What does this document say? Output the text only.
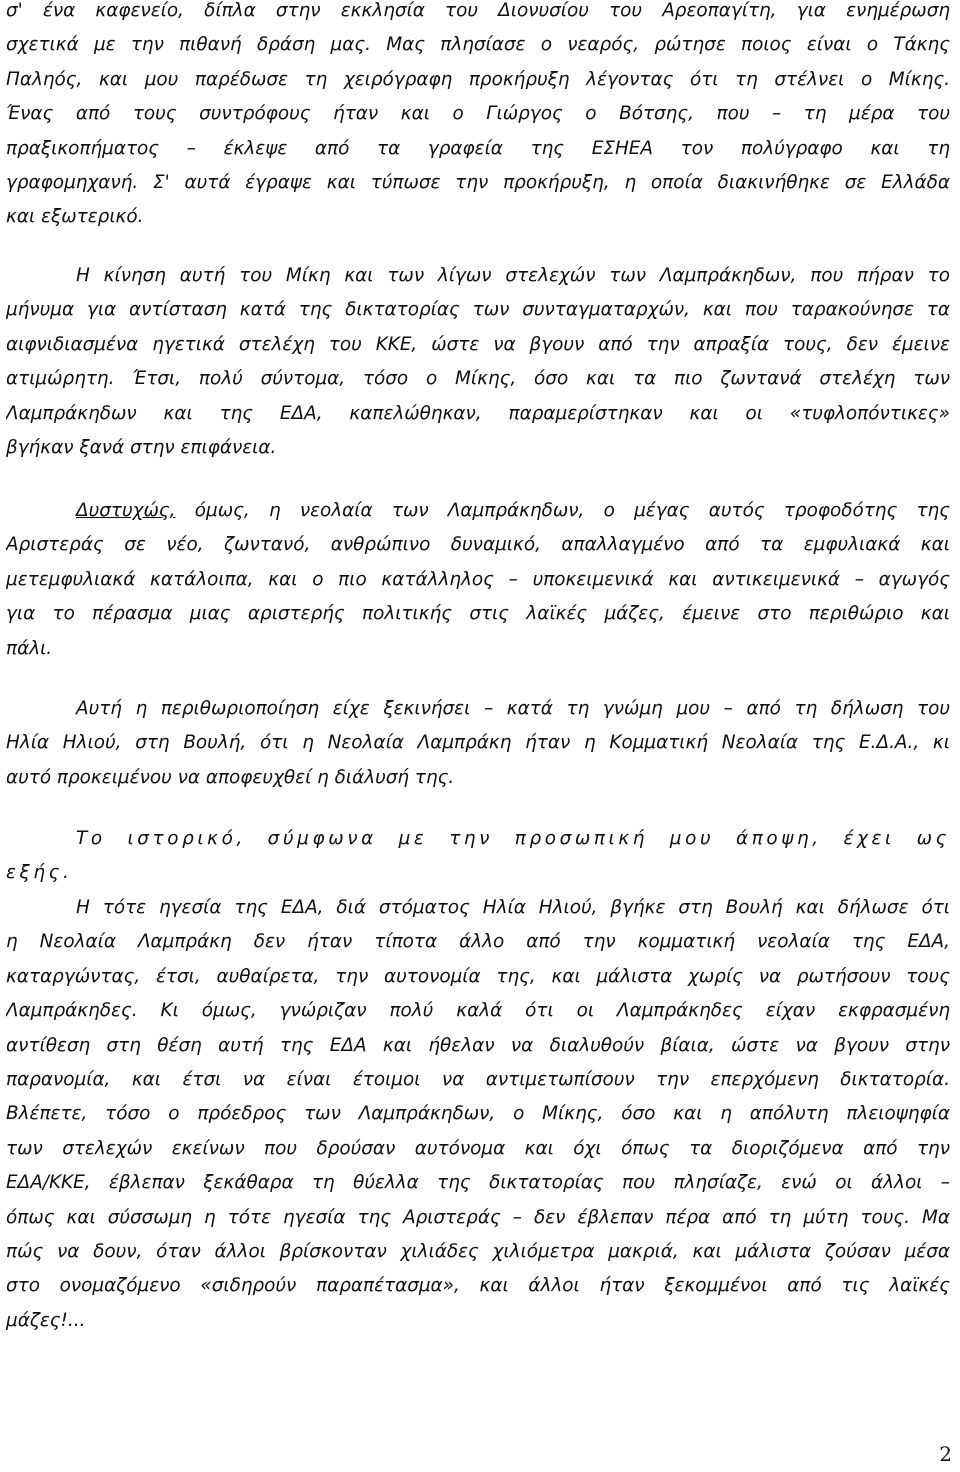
σ' ένα καφενείο, δίπλα στην εκκλησία του Διονυσίου του Αρεοπαγίτη, για ενημέρωση
σχετικά με την πιθανή δράση μας. Μας πλησίασε ο νεαρός, ρώτησε ποιος είναι ο Τάκης
Παληός, και μου παρέδωσε τη χειρόγραφη προκήρυξη λέγοντας ότι τη στέλνει ο Μίκης.
Ένας από τους συντρόφους ήταν και ο Γιώργος ο Βότσης, που – τη μέρα του
πραξικοπήματος – έκλεψε από τα γραφεία της ΕΣΗΕΑ τον πολύγραφο και τη
γραφομηχανή. Σ' αυτά έγραψε και τύπωσε την προκήρυξη, η οποία διακινήθηκε σε Ελλάδα
και εξωτερικό.
Η κίνηση αυτή του Μίκη και των λίγων στελεχών των Λαμπράκηδων, που πήραν το
μήνυμα για αντίσταση κατά της δικτατορίας των συνταγματαρχών, και που ταρακούνησε τα
αιφνιδιασμένα ηγετικά στελέχη του ΚΚΕ, ώστε να βγουν από την απραξία τους, δεν έμεινε
ατιμώρητη. Έτσι, πολύ σύντομα, τόσο ο Μίκης, όσο και τα πιο ζωντανά στελέχη των
Λαμπράκηδων και της ΕΔΑ, καπελώθηκαν, παραμερίστηκαν και οι «τυφλοπόντικες»
βγήκαν ξανά στην επιφάνεια.
Δυστυχώς, όμως, η νεολαία των Λαμπράκηδων, ο μέγας αυτός τροφοδότης της
Αριστεράς σε νέο, ζωντανό, ανθρώπινο δυναμικό, απαλλαγμένο από τα εμφυλιακά και
μετεμφυλιακά κατάλοιπα, και ο πιο κατάλληλος – υποκειμενικά και αντικειμενικά – αγωγός
για το πέρασμα μιας αριστερής πολιτικής στις λαϊκές μάζες, έμεινε στο περιθώριο και
πάλι.
Αυτή η περιθωριοποίηση είχε ξεκινήσει – κατά τη γνώμη μου – από τη δήλωση του
Ηλία Ηλιού, στη Βουλή, ότι η Νεολαία Λαμπράκη ήταν η Κομματική Νεολαία της Ε.Δ.Α., κι
αυτό προκειμένου να αποφευχθεί η διάλυσή της.
Το ιστορικό, σύμφωνα με την προσωπική μου άποψη, έχει ως
εξής.
Η τότε ηγεσία της ΕΔΑ, διά στόματος Ηλία Ηλιού, βγήκε στη Βουλή και δήλωσε ότι
η Νεολαία Λαμπράκη δεν ήταν τίποτα άλλο από την κομματική νεολαία της ΕΔΑ,
καταργώντας, έτσι, αυθαίρετα, την αυτονομία της, και μάλιστα χωρίς να ρωτήσουν τους
Λαμπράκηδες. Κι όμως, γνώριζαν πολύ καλά ότι οι Λαμπράκηδες είχαν εκφρασμένη
αντίθεση στη θέση αυτή της ΕΔΑ και ήθελαν να διαλυθούν βίαια, ώστε να βγουν στην
παρανομία, και έτσι να είναι έτοιμοι να αντιμετωπίσουν την επερχόμενη δικτατορία.
Βλέπετε, τόσο ο πρόεδρος των Λαμπράκηδων, ο Μίκης, όσο και η απόλυτη πλειοψηφία
των στελεχών εκείνων που δρούσαν αυτόνομα και όχι όπως τα διοριζόμενα από την
ΕΔΑ/ΚΚΕ, έβλεπαν ξεκάθαρα τη θύελλα της δικτατορίας που πλησίαζε, ενώ οι άλλοι –
όπως και σύσσωμη η τότε ηγεσία της Αριστεράς – δεν έβλεπαν πέρα από τη μύτη τους. Μα
πώς να δουν, όταν άλλοι βρίσκονταν χιλιάδες χιλιόμετρα μακριά, και μάλιστα ζούσαν μέσα
στο ονομαζόμενο «σιδηρούν παραπέτασμα», και άλλοι ήταν ξεκομμένοι από τις λαϊκές
μάζες!...
2
